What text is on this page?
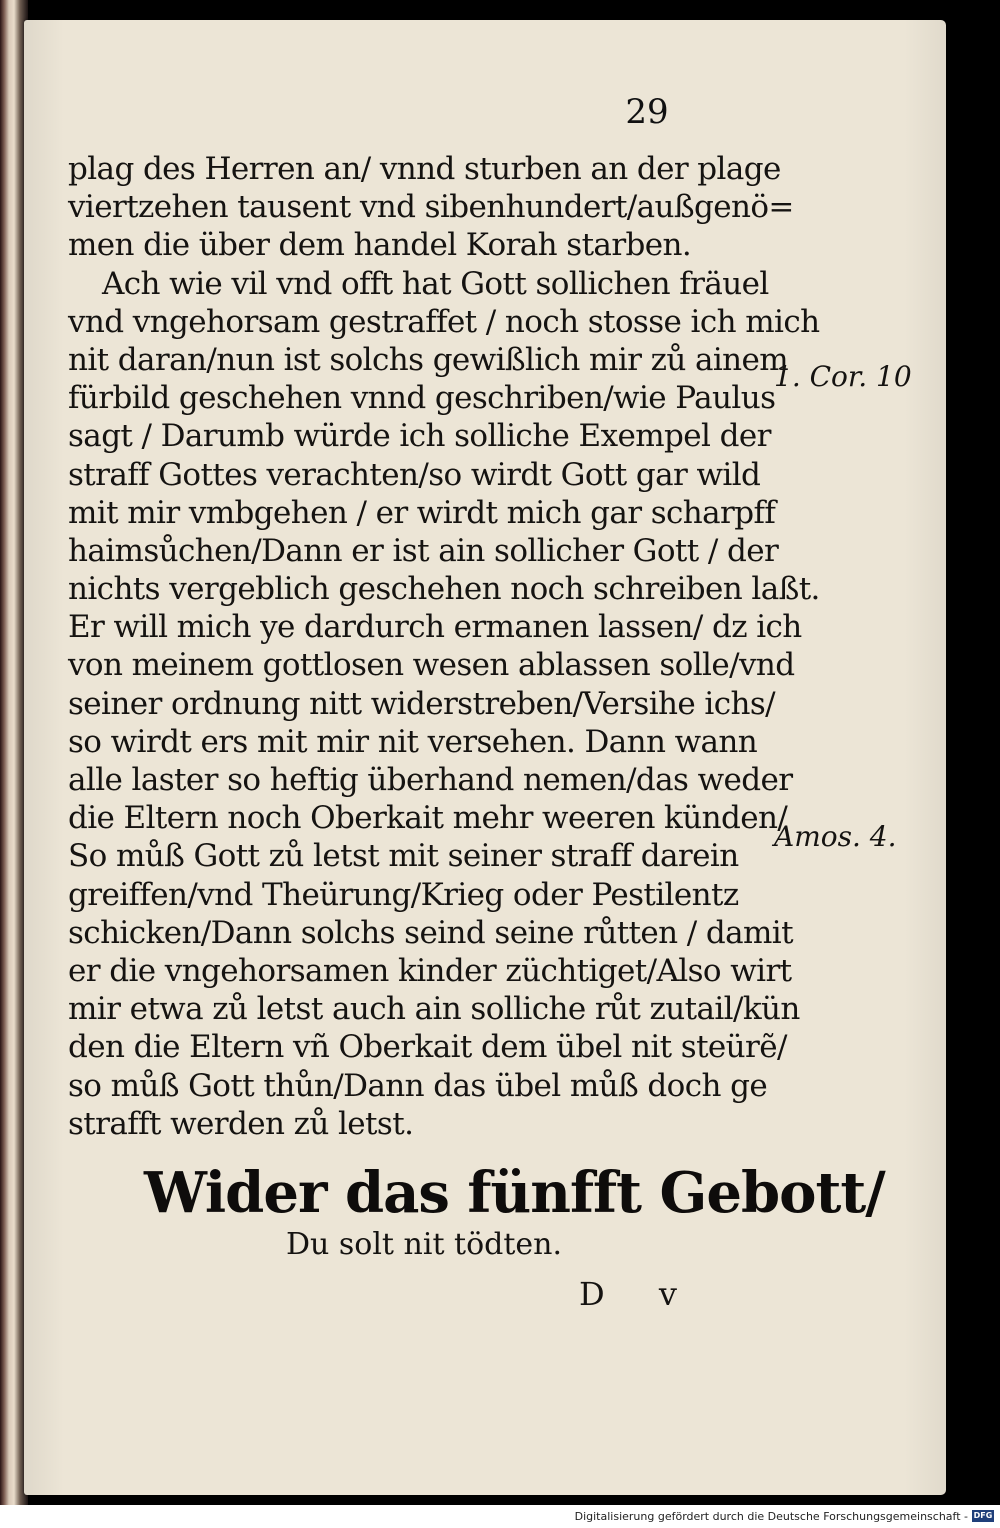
29
plag des Herren an/ vnnd sturben an der plage
viertzehen tausent vnd sibenhundert/außgenö=
men die über dem handel Korah starben.
Ach wie vil vnd offt hat Gott sollichen fräuel
vnd vngehorsam gestraffet / noch stosse ich mich
nit daran/nun ist solchs gewißlich mir zů ainem
fürbild geschehen vnnd geschriben/wie Paulus
sagt / Darumb würde ich solliche Exempel der
straff Gottes verachten/so wirdt Gott gar wild
mit mir vmbgehen / er wirdt mich gar scharpff
haimsůchen/Dann er ist ain sollicher Gott / der
nichts vergeblich geschehen noch schreiben laßt.
Er will mich ye dardurch ermanen lassen/ dz ich
von meinem gottlosen wesen ablassen solle/vnd
seiner ordnung nitt widerstreben/Versihe ichs/
so wirdt ers mit mir nit versehen. Dann wann
alle laster so heftig überhand nemen/das weder
die Eltern noch Oberkait mehr weeren künden/
So můß Gott zů letst mit seiner straff darein
greiffen/vnd Theürung/Krieg oder Pestilentz
schicken/Dann solchs seind seine růtten / damit
er die vngehorsamen kinder züchtiget/Also wirt
mir etwa zů letst auch ain solliche růt zutail/kün
den die Eltern vñ Oberkait dem übel nit steürẽ/
so můß Gott thůn/Dann das übel můß doch ge
strafft werden zů letst.
1. Cor. 10
Amos. 4.
Wider das fünfft Gebott/
Du solt nit tödten.
D v
Digitalisierung gefördert durch die Deutsche Forschungsgemeinschaft - DFG
